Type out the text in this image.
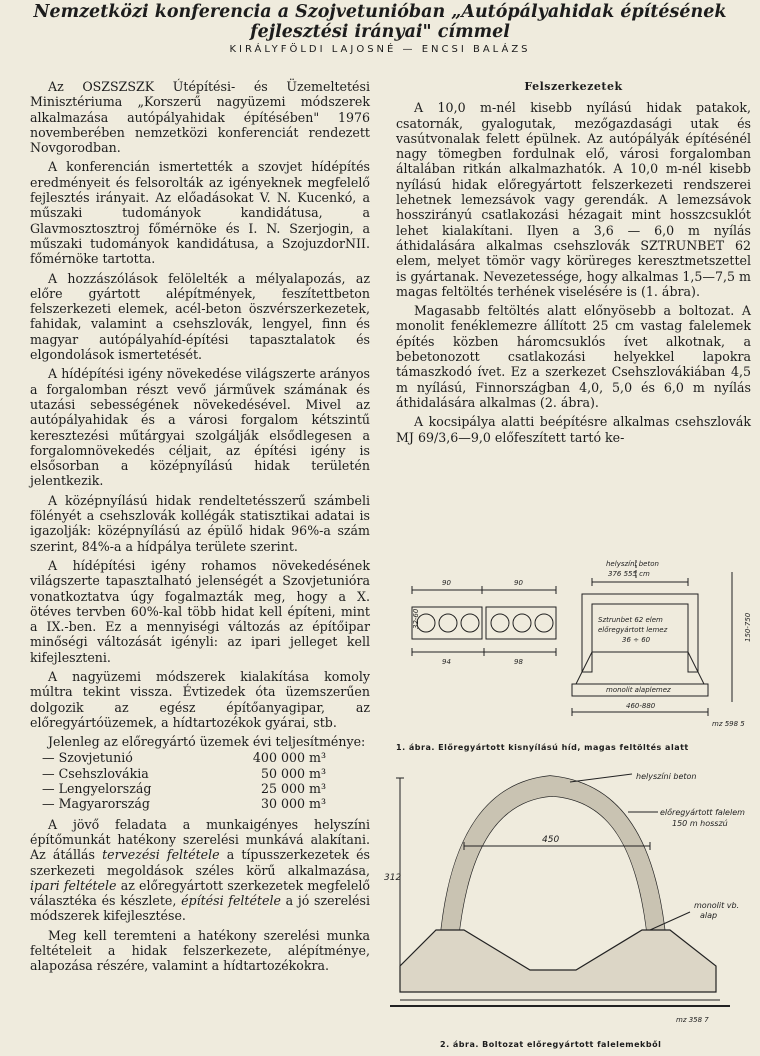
Nemzetközi konferencia a Szojvetunióban „Autópályahidak építésének
fejlesztési irányai" címmel
KIRÁLYFÖLDI LAJOSNÉ — ENCSI BALÁZS

Az OSZSZSZK Útépítési- és Üzemeltetési Minisztériuma „Korszerű nagyüzemi módszerek alkalmazása autópályahidak építésében" 1976 novemberében nemzetközi konferenciát rendezett Novgorodban.

A konferencián ismertették a szovjet hídépítés eredményeit és felsorolták az igényeknek megfelelő fejlesztés irányait. Az előadásokat V. N. Kucenkó, a műszaki tudományok kandidátusa, a Glavmosztosztroj főmérnöke és I. N. Szerjogin, a műszaki tudományok kandidátusa, a SzojuzdorNII. főmérnöke tartotta.

A hozzászólások felölelték a mélyalapozás, az előre gyártott alépítmények, feszítettbeton felszerkezeti elemek, acél-beton öszvérszerkezetek, fahidak, valamint a csehszlovák, lengyel, finn és magyar autópályahíd-építési tapasztalatok és elgondolások ismertetését.

A hídépítési igény növekedése világszerte arányos a forgalomban részt vevő járművek számának és utazási sebességének növekedésével. Mivel az autópályahidak és a városi forgalom kétszintű keresztezési műtárgyai szolgálják elsődlegesen a forgalomnövekedés céljait, az építési igény is elsősorban a középnyílású hidak területén jelentkezik.

A középnyílású hidak rendeltetésszerű számbeli fölényét a csehszlovák kollégák statisztikai adatai is igazolják: középnyílású az épülő hidak 96%-a szám szerint, 84%-a a hídpálya területe szerint.

A hídépítési igény rohamos növekedésének világszerte tapasztalható jelenségét a Szovjetunióra vonatkoztatva úgy fogalmazták meg, hogy a X. ötéves tervben 60%-kal több hidat kell építeni, mint a IX.-ben. Ez a mennyiségi változás az építőipar minőségi változását igényli: az ipari jelleget kell kifejleszteni.

A nagyüzemi módszerek kialakítása komoly múltra tekint vissza. Évtizedek óta üzemszerűen dolgozik az egész építőanyagipar, az előregyártóüzemek, a hídtartozékok gyárai, stb.

Jelenleg az előregyártó üzemek évi teljesítménye:

— Szovjetunió	400 000 m³
— Csehszlovákia	50 000 m³
— Lengyelország	25 000 m³
— Magyarország	30 000 m³

A jövő feladata a munkaigényes helyszíni építőmunkát hatékony szerelési munkává alakítani. Az átállás tervezési feltétele a típusszerkezetek és szerkezeti megoldások széles körű alkalmazása, ipari feltétele az előregyártott szerkezetek megfelelő választéka és készlete, építési feltétele a jó szerelési módszerek kifejlesztése.

Meg kell teremteni a hatékony szerelési munka feltételeit a hidak felszerkezete, alépítménye, alapozása részére, valamint a hídtartozékokra.

Felszerkezetek

A 10,0 m-nél kisebb nyílású hidak patakok, csatornák, gyalogutak, mezőgazdasági utak és vasútvonalak felett épülnek. Az autópályák építésénél nagy tömegben fordulnak elő, városi forgalomban általában ritkán alkalmazhatók. A 10,0 m-nél kisebb nyílású hidak előregyártott felszerkezeti rendszerei lehetnek lemezsávok vagy gerendák. A lemezsávok hosszirányú csatlakozási hézagait mint hosszcsuklót lehet kialakítani. Ilyen a 3,6 — 6,0 m nyílás áthidalására alkalmas csehszlovák SZTRUNBET 62 elem, melyet tömör vagy körüreges keresztmetszettel is gyártanak. Nevezetessége, hogy alkalmas 1,5—7,5 m magas feltöltés terhének viselésére is (1. ábra).

Magasabb feltöltés alatt előnyösebb a boltozat. A monolit fenéklemezre állított 25 cm vastag falelemek építés közben háromcsuklós ívet alkotnak, a bebetonozott csatlakozási helyekkel lapokra támaszkodó ívet. Ez a szerkezet Csehszlovákiában 4,5 m nyílású, Finnországban 4,0, 5,0 és 6,0 m nyílás áthidalására alkalmas (2. ábra).

A kocsipálya alatti beépítésre alkalmas csehszlovák MJ 69/3,6—9,0 előfeszített tartó ke-

90	90
94	98
32-60
helyszíni beton
376 555 cm
Sztrunbet 62 elem
előregyártott lemez
36 ÷ 60
monolit alaplemez
460-880
150-750
mz 598 5
1. ábra. Előregyártott kisnyílású híd, magas feltöltés alatt
helyszíni beton
előregyártott falelem
150 m hosszú
450
312
monolit vb.
alap
mz 358 7
2. ábra. Boltozat előregyártott falelemekből
